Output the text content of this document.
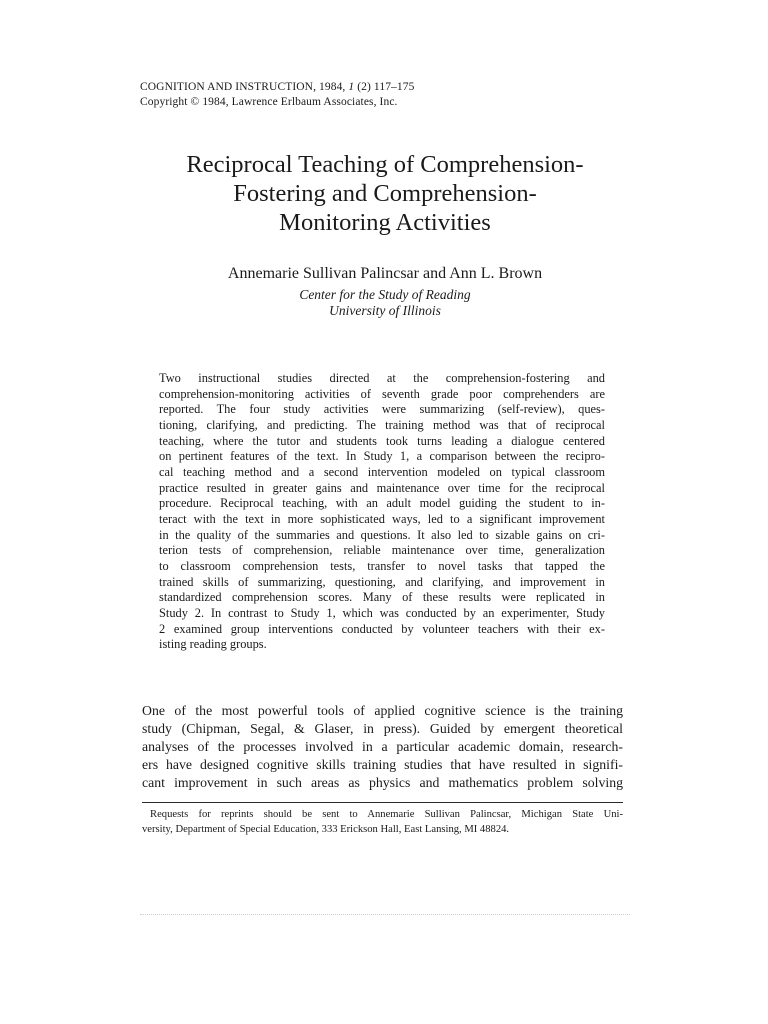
COGNITION AND INSTRUCTION, 1984, 1 (2) 117–175
Copyright © 1984, Lawrence Erlbaum Associates, Inc.
Reciprocal Teaching of Comprehension-
Fostering and Comprehension-
Monitoring Activities
Annemarie Sullivan Palincsar and Ann L. Brown
Center for the Study of Reading
University of Illinois
Two instructional studies directed at the comprehension-fostering and
comprehension-monitoring activities of seventh grade poor comprehenders are
reported. The four study activities were summarizing (self-review), ques-
tioning, clarifying, and predicting. The training method was that of reciprocal
teaching, where the tutor and students took turns leading a dialogue centered
on pertinent features of the text. In Study 1, a comparison between the recipro-
cal teaching method and a second intervention modeled on typical classroom
practice resulted in greater gains and maintenance over time for the reciprocal
procedure. Reciprocal teaching, with an adult model guiding the student to in-
teract with the text in more sophisticated ways, led to a significant improvement
in the quality of the summaries and questions. It also led to sizable gains on cri-
terion tests of comprehension, reliable maintenance over time, generalization
to classroom comprehension tests, transfer to novel tasks that tapped the
trained skills of summarizing, questioning, and clarifying, and improvement in
standardized comprehension scores. Many of these results were replicated in
Study 2. In contrast to Study 1, which was conducted by an experimenter, Study
2 examined group interventions conducted by volunteer teachers with their ex-
isting reading groups.
One of the most powerful tools of applied cognitive science is the training
study (Chipman, Segal, & Glaser, in press). Guided by emergent theoretical
analyses of the processes involved in a particular academic domain, research-
ers have designed cognitive skills training studies that have resulted in signifi-
cant improvement in such areas as physics and mathematics problem solving
Requests for reprints should be sent to Annemarie Sullivan Palincsar, Michigan State Uni-
versity, Department of Special Education, 333 Erickson Hall, East Lansing, MI 48824.
